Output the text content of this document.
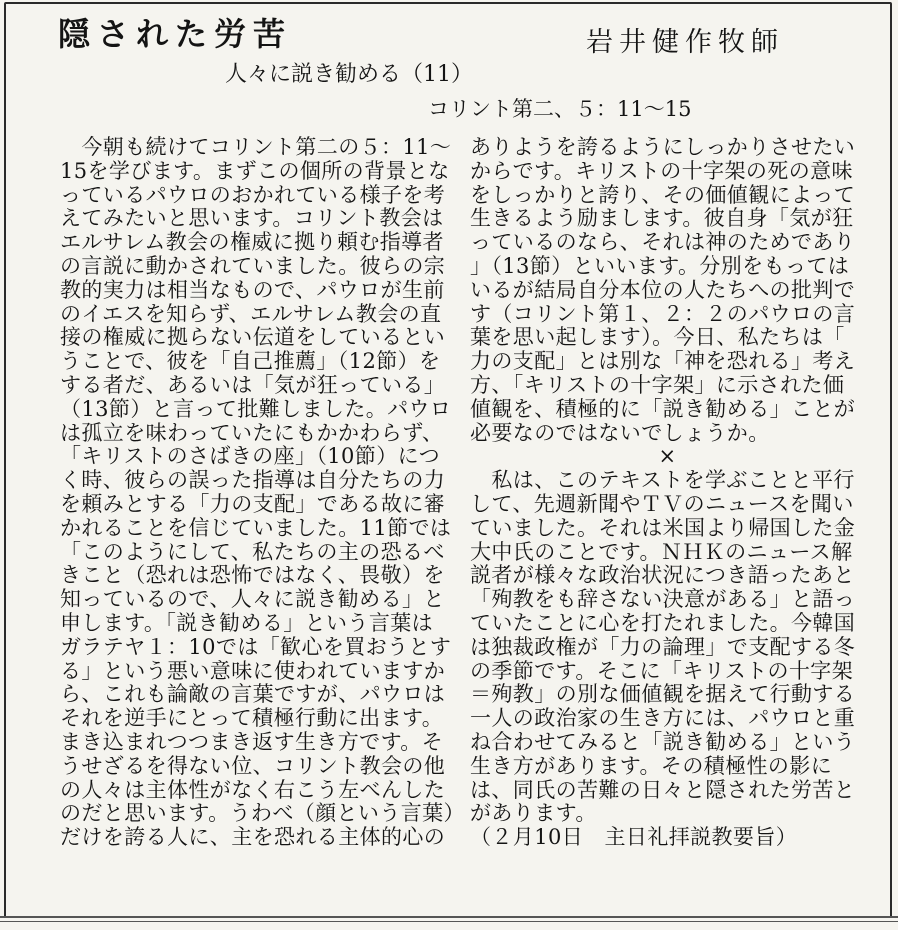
隠された労苦	岩井健作牧師
人々に説き勧める（11）
コリント第二、５：11〜15
　今朝も続けてコリント第二の５：11〜
15を学びます。まずこの個所の背景とな
っているパウロのおかれている様子を考
えてみたいと思います。コリント教会は
エルサレム教会の権威に拠り頼む指導者
の言説に動かされていました。彼らの宗
教的実力は相当なもので、パウロが生前
のイエスを知らず、エルサレム教会の直
接の権威に拠らない伝道をしているとい
うことで、彼を「自己推薦」（12節）を
する者だ、あるいは「気が狂っている」
（13節）と言って批難しました。パウロ
は孤立を味わっていたにもかかわらず、
「キリストのさばきの座」（10節）につ
く時、彼らの誤った指導は自分たちの力
を頼みとする「力の支配」である故に審
かれることを信じていました。11節では
「このようにして、私たちの主の恐るべ
きこと（恐れは恐怖ではなく、畏敬）を
知っているので、人々に説き勧める」と
申します。「説き勧める」という言葉は
ガラテヤ１：10では「歓心を買おうとす
る」という悪い意味に使われていますか
ら、これも論敵の言葉ですが、パウロは
それを逆手にとって積極行動に出ます。
まき込まれつつまき返す生き方です。そ
うせざるを得ない位、コリント教会の他
の人々は主体性がなく右こう左べんした
のだと思います。うわべ（顔という言葉）
だけを誇る人に、主を恐れる主体的心の
ありようを誇るようにしっかりさせたい
からです。キリストの十字架の死の意味
をしっかりと誇り、その価値観によって
生きるよう励まします。彼自身「気が狂
っているのなら、それは神のためであり
」（13節）といいます。分別をもっては
いるが結局自分本位の人たちへの批判で
す（コリント第１、２：２のパウロの言
葉を思い起します）。今日、私たちは「
力の支配」とは別な「神を恐れる」考え
方、「キリストの十字架」に示された価
値観を、積極的に「説き勧める」ことが
必要なのではないでしょうか。
×
　私は、このテキストを学ぶことと平行
して、先週新聞やＴＶのニュースを聞い
ていました。それは米国より帰国した金
大中氏のことです。ＮＨＫのニュース解
説者が様々な政治状況につき語ったあと
「殉教をも辞さない決意がある」と語っ
ていたことに心を打たれました。今韓国
は独裁政権が「力の論理」で支配する冬
の季節です。そこに「キリストの十字架
＝殉教」の別な価値観を据えて行動する
一人の政治家の生き方には、パウロと重
ね合わせてみると「説き勧める」という
生き方があります。その積極性の影に
は、同氏の苦難の日々と隠された労苦と
があります。
（２月10日　主日礼拝説教要旨）
